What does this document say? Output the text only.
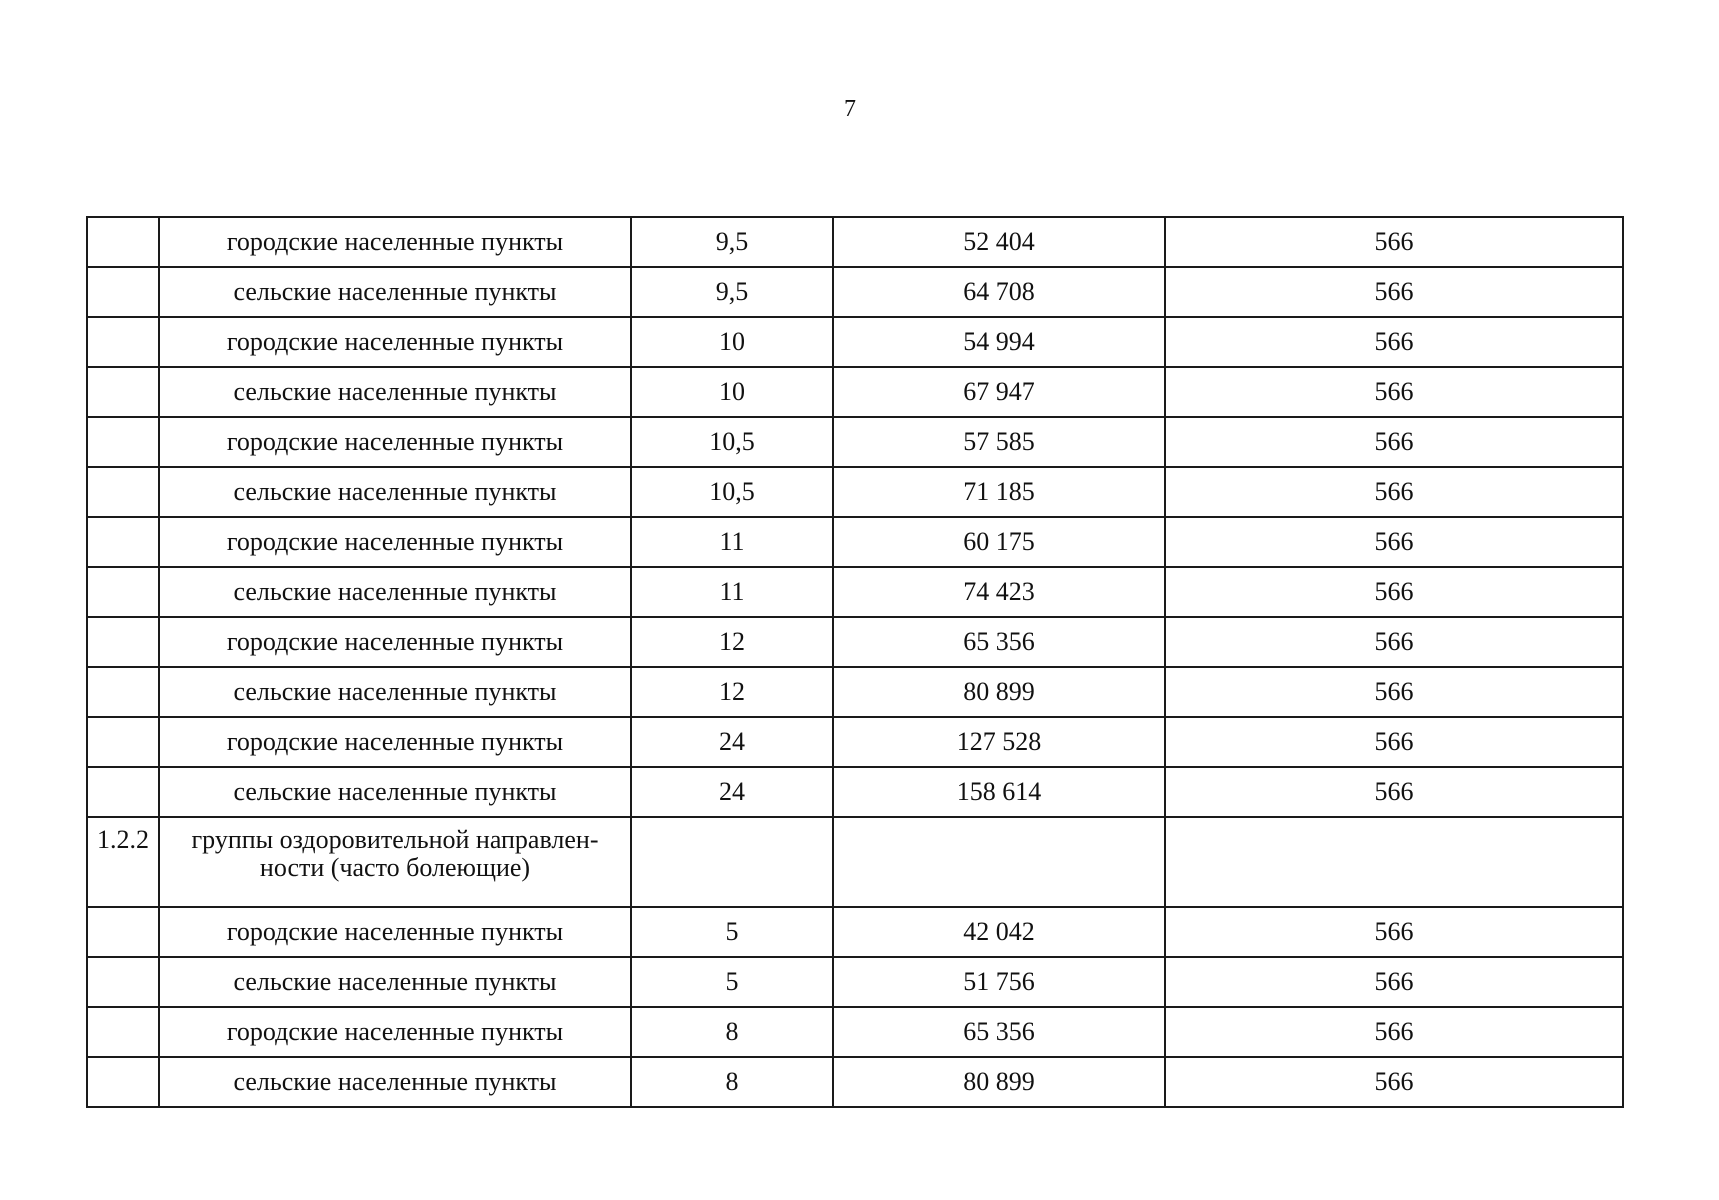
7
	городские населенные пункты	9,5	52 404	566
	сельские населенные пункты	9,5	64 708	566
	городские населенные пункты	10	54 994	566
	сельские населенные пункты	10	67 947	566
	городские населенные пункты	10,5	57 585	566
	сельские населенные пункты	10,5	71 185	566
	городские населенные пункты	11	60 175	566
	сельские населенные пункты	11	74 423	566
	городские населенные пункты	12	65 356	566
	сельские населенные пункты	12	80 899	566
	городские населенные пункты	24	127 528	566
	сельские населенные пункты	24	158 614	566
1.2.2	группы оздоровительной направлен-ности (часто болеющие)			
	городские населенные пункты	5	42 042	566
	сельские населенные пункты	5	51 756	566
	городские населенные пункты	8	65 356	566
	сельские населенные пункты	8	80 899	566
